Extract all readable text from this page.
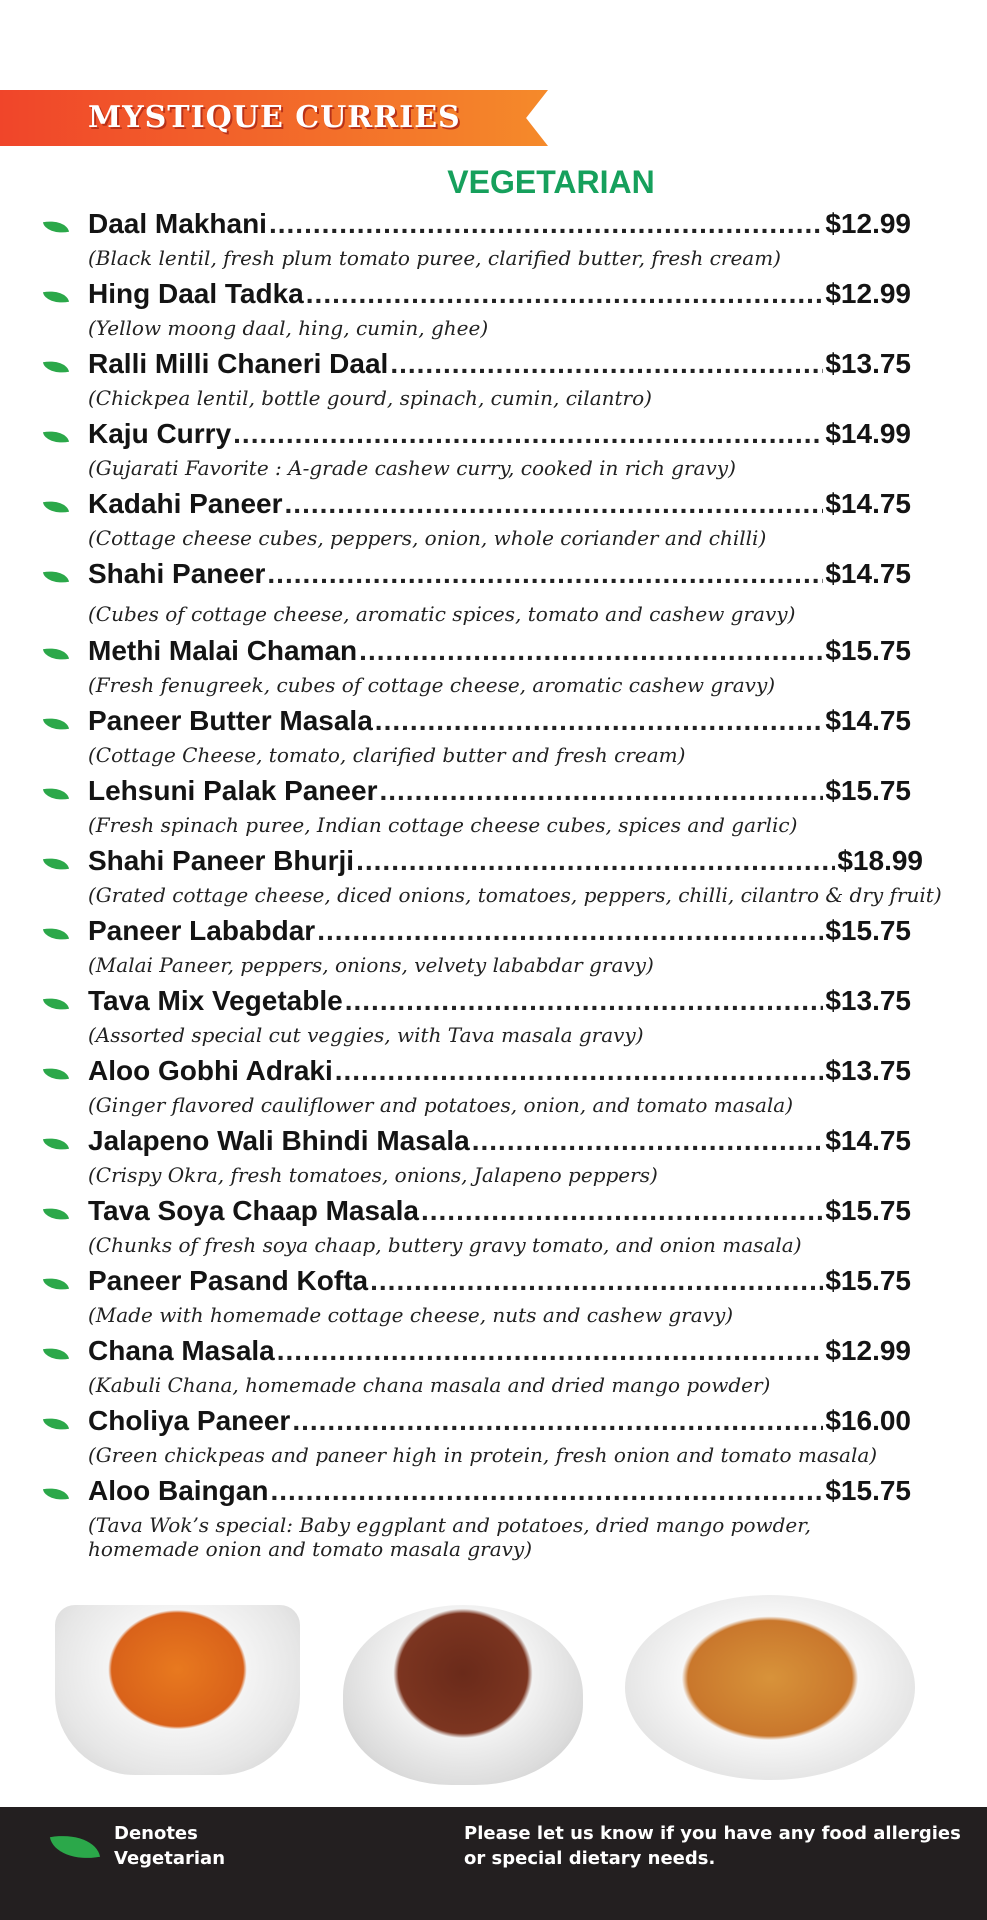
MYSTIQUE CURRIES
VEGETARIAN
Daal Makhani .....	$12.99
(Black lentil, fresh plum tomato puree, clarified butter, fresh cream)
Hing Daal Tadka .....	$12.99
(Yellow moong daal, hing, cumin, ghee)
Ralli Milli Chaneri Daal .....	$13.75
(Chickpea lentil, bottle gourd, spinach, cumin, cilantro)
Kaju Curry .....	$14.99
(Gujarati Favorite : A-grade cashew curry, cooked in rich gravy)
Kadahi Paneer .....	$14.75
(Cottage cheese cubes, peppers, onion, whole coriander and chilli)
Shahi Paneer .....	$14.75
(Cubes of cottage cheese, aromatic spices, tomato and cashew gravy)
Methi Malai Chaman .....	$15.75
(Fresh fenugreek, cubes of cottage cheese, aromatic cashew gravy)
Paneer Butter Masala .....	$14.75
(Cottage Cheese, tomato, clarified butter and fresh cream)
Lehsuni Palak Paneer .....	$15.75
(Fresh spinach puree, Indian cottage cheese cubes, spices and garlic)
Shahi Paneer Bhurji .....	$18.99
(Grated cottage cheese, diced onions, tomatoes, peppers, chilli, cilantro & dry fruit)
Paneer Lababdar .....	$15.75
(Malai Paneer, peppers, onions, velvety lababdar gravy)
Tava Mix Vegetable .....	$13.75
(Assorted special cut veggies, with Tava masala gravy)
Aloo Gobhi Adraki .....	$13.75
(Ginger flavored cauliflower and potatoes, onion, and tomato masala)
Jalapeno Wali Bhindi Masala .....	$14.75
(Crispy Okra, fresh tomatoes, onions, Jalapeno peppers)
Tava Soya Chaap Masala .....	$15.75
(Chunks of fresh soya chaap, buttery gravy tomato, and onion masala)
Paneer Pasand Kofta .....	$15.75
(Made with homemade cottage cheese, nuts and cashew gravy)
Chana Masala .....	$12.99
(Kabuli Chana, homemade chana masala and dried mango powder)
Choliya Paneer .....	$16.00
(Green chickpeas and paneer high in protein, fresh onion and tomato masala)
Aloo Baingan .....	$15.75
(Tava Wok’s special: Baby eggplant and potatoes, dried mango powder, homemade onion and tomato masala gravy)
Denotes Vegetarian
Please let us know if you have any food allergies or special dietary needs.
